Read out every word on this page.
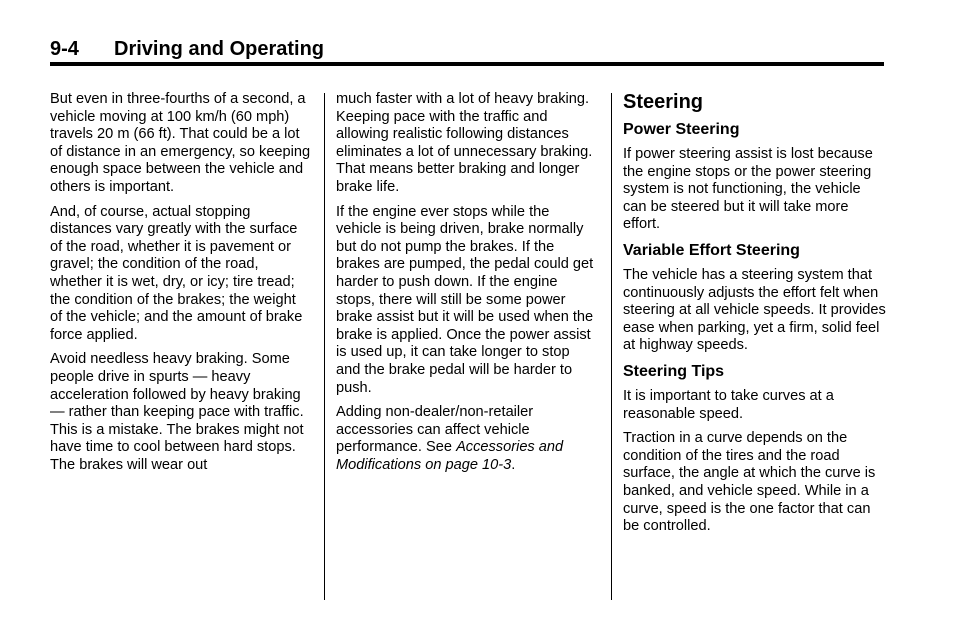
9-4 Driving and Operating

But even in three-fourths of a second, a vehicle moving at 100 km/h (60 mph) travels 20 m (66 ft). That could be a lot of distance in an emergency, so keeping enough space between the vehicle and others is important.

And, of course, actual stopping distances vary greatly with the surface of the road, whether it is pavement or gravel; the condition of the road, whether it is wet, dry, or icy; tire tread; the condition of the brakes; the weight of the vehicle; and the amount of brake force applied.

Avoid needless heavy braking. Some people drive in spurts — heavy acceleration followed by heavy braking — rather than keeping pace with traffic. This is a mistake. The brakes might not have time to cool between hard stops. The brakes will wear out

much faster with a lot of heavy braking. Keeping pace with the traffic and allowing realistic following distances eliminates a lot of unnecessary braking. That means better braking and longer brake life.

If the engine ever stops while the vehicle is being driven, brake normally but do not pump the brakes. If the brakes are pumped, the pedal could get harder to push down. If the engine stops, there will still be some power brake assist but it will be used when the brake is applied. Once the power assist is used up, it can take longer to stop and the brake pedal will be harder to push.

Adding non-dealer/non-retailer accessories can affect vehicle performance. See Accessories and Modifications on page 10-3.

Steering
Power Steering

If power steering assist is lost because the engine stops or the power steering system is not functioning, the vehicle can be steered but it will take more effort.

Variable Effort Steering

The vehicle has a steering system that continuously adjusts the effort felt when steering at all vehicle speeds. It provides ease when parking, yet a firm, solid feel at highway speeds.

Steering Tips

It is important to take curves at a reasonable speed.

Traction in a curve depends on the condition of the tires and the road surface, the angle at which the curve is banked, and vehicle speed. While in a curve, speed is the one factor that can be controlled.
